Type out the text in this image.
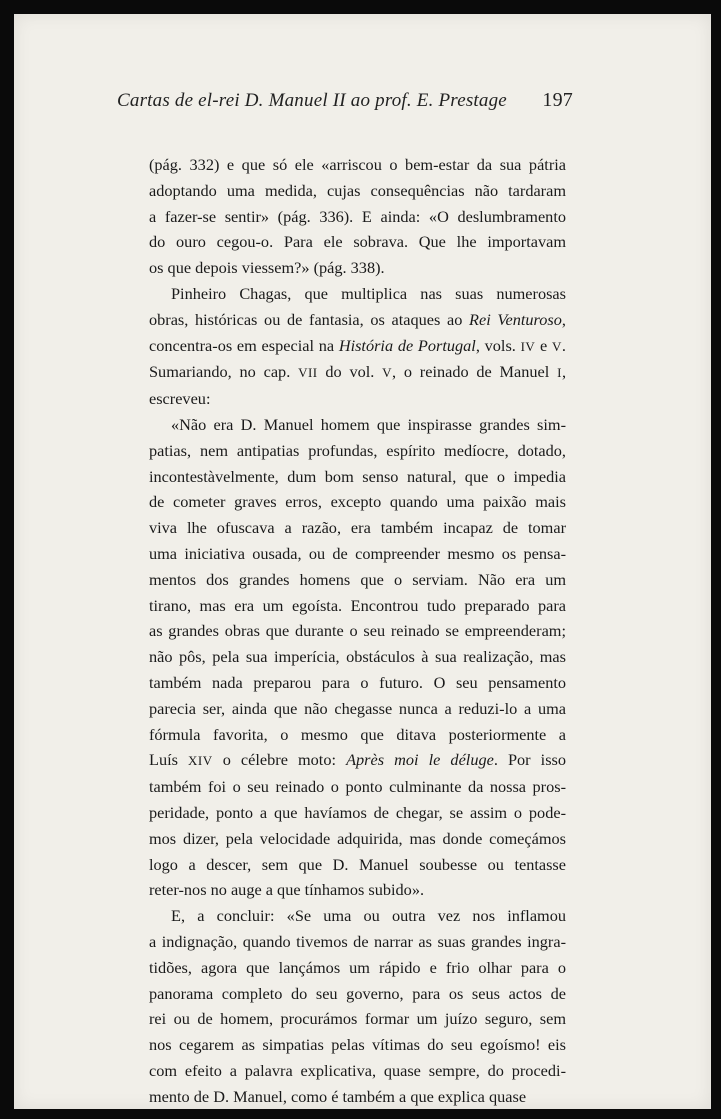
Cartas de el-rei D. Manuel II ao prof. E. Prestage 197
(pág. 332) e que só ele «arriscou o bem-estar da sua pátria
adoptando uma medida, cujas consequências não tardaram
a fazer-se sentir» (pág. 336). E ainda: «O deslumbramento
do ouro cegou-o. Para ele sobrava. Que lhe importavam
os que depois viessem?» (pág. 338).
Pinheiro Chagas, que multiplica nas suas numerosas
obras, históricas ou de fantasia, os ataques ao Rei Venturoso,
concentra-os em especial na História de Portugal, vols. IV e V.
Sumariando, no cap. VII do vol. V, o reinado de Manuel I,
escreveu:
«Não era D. Manuel homem que inspirasse grandes sim-
patias, nem antipatias profundas, espírito medíocre, dotado,
incontestàvelmente, dum bom senso natural, que o impedia
de cometer graves erros, excepto quando uma paixão mais
viva lhe ofuscava a razão, era também incapaz de tomar
uma iniciativa ousada, ou de compreender mesmo os pensa-
mentos dos grandes homens que o serviam. Não era um
tirano, mas era um egoísta. Encontrou tudo preparado para
as grandes obras que durante o seu reinado se empreenderam;
não pôs, pela sua imperícia, obstáculos à sua realização, mas
também nada preparou para o futuro. O seu pensamento
parecia ser, ainda que não chegasse nunca a reduzi-lo a uma
fórmula favorita, o mesmo que ditava posteriormente a
Luís XIV o célebre moto: Après moi le déluge. Por isso
também foi o seu reinado o ponto culminante da nossa pros-
peridade, ponto a que havíamos de chegar, se assim o pode-
mos dizer, pela velocidade adquirida, mas donde começámos
logo a descer, sem que D. Manuel soubesse ou tentasse
reter-nos no auge a que tínhamos subido».
E, a concluir: «Se uma ou outra vez nos inflamou
a indignação, quando tivemos de narrar as suas grandes ingra-
tidões, agora que lançámos um rápido e frio olhar para o
panorama completo do seu governo, para os seus actos de
rei ou de homem, procurámos formar um juízo seguro, sem
nos cegarem as simpatias pelas vítimas do seu egoísmo! eis
com efeito a palavra explicativa, quase sempre, do procedi-
mento de D. Manuel, como é também a que explica quase
